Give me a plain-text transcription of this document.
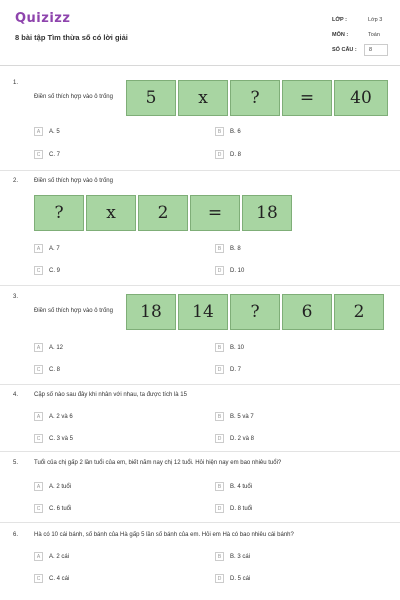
Quizizz
8 bài tập Tìm thừa số có lời giải
LỚP :	Lớp 3
MÔN :	Toán
SỐ CÂU : 8
1.
Điền số thích hợp vào ô trống	5	x	?	=	40
A	A. 5	B	B. 6
C	C. 7	D	D. 8
2.	Điền số thích hợp vào ô trống
?	x	2	=	18
A	A. 7	B	B. 8
C	C. 9	D	D. 10
3.
Điền số thích hợp vào ô trống	18	14	?	6	2
A	A. 12	B	B. 10
C	C. 8	D	D. 7
4.	Cặp số nào sau đây khi nhân với nhau, ta được tích là 15
A	A. 2 và 6	B	B. 5 và 7
C	C. 3 và 5	D	D. 2 và 8
5.	Tuổi của chị gấp 2 lần tuổi của em, biết năm nay chị 12 tuổi. Hỏi hiện nay em bao nhiêu tuổi?
A	A. 2 tuổi	B	B. 4 tuổi
C	C. 6 tuổi	D	D. 8 tuổi
6.	Hà có 10 cái bánh, số bánh của Hà gấp 5 lần số bánh của em. Hỏi em Hà có bao nhiêu cái bánh?
A	A. 2 cái	B	B. 3 cái
C	C. 4 cái	D	D. 5 cái
